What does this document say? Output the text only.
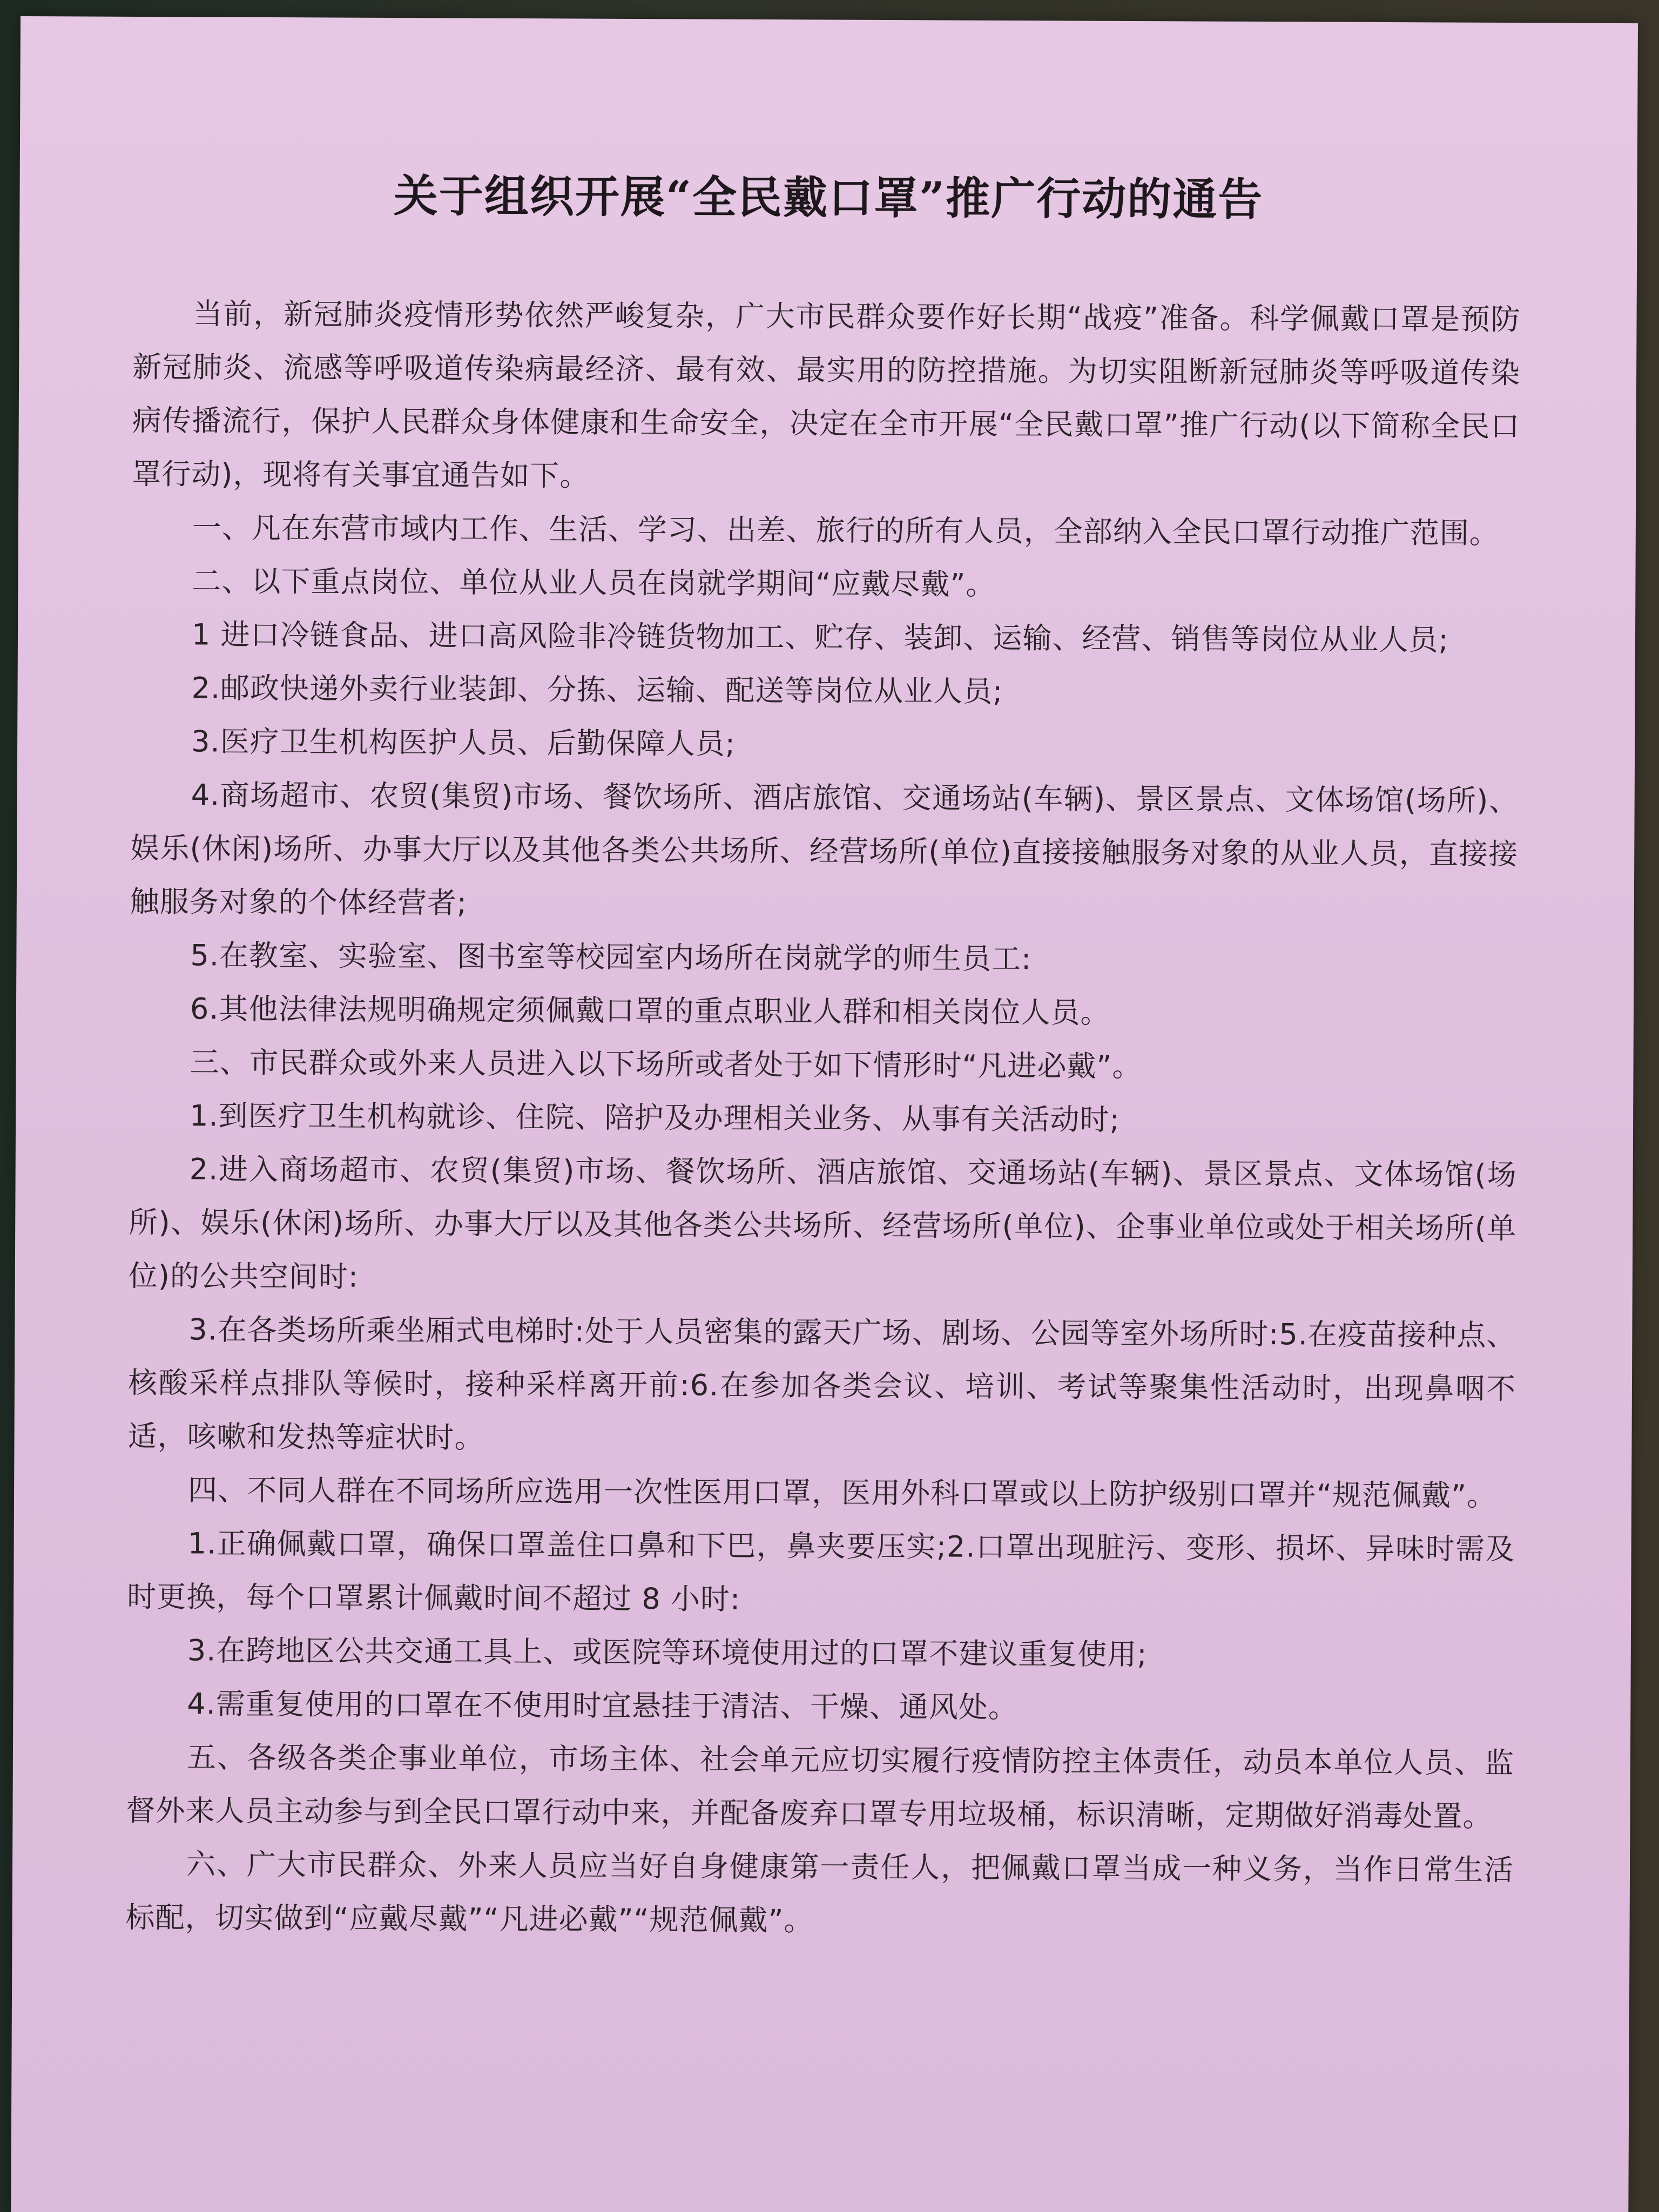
关于组织开展“全民戴口罩”推广行动的通告

当前，新冠肺炎疫情形势依然严峻复杂，广大市民群众要作好长期“战疫”准备。科学佩戴口罩是预防新冠肺炎、流感等呼吸道传染病最经济、最有效、最实用的防控措施。为切实阻断新冠肺炎等呼吸道传染病传播流行，保护人民群众身体健康和生命安全，决定在全市开展“全民戴口罩”推广行动(以下简称全民口罩行动)，现将有关事宜通告如下。

一、凡在东营市域内工作、生活、学习、出差、旅行的所有人员，全部纳入全民口罩行动推广范围。

二、以下重点岗位、单位从业人员在岗就学期间“应戴尽戴”。

1 进口冷链食品、进口高风险非冷链货物加工、贮存、装卸、运输、经营、销售等岗位从业人员;

2.邮政快递外卖行业装卸、分拣、运输、配送等岗位从业人员;

3.医疗卫生机构医护人员、后勤保障人员;

4.商场超市、农贸(集贸)市场、餐饮场所、酒店旅馆、交通场站(车辆)、景区景点、文体场馆(场所)、娱乐(休闲)场所、办事大厅以及其他各类公共场所、经营场所(单位)直接接触服务对象的从业人员，直接接触服务对象的个体经营者;

5.在教室、实验室、图书室等校园室内场所在岗就学的师生员工:

6.其他法律法规明确规定须佩戴口罩的重点职业人群和相关岗位人员。

三、市民群众或外来人员进入以下场所或者处于如下情形时“凡进必戴”。

1.到医疗卫生机构就诊、住院、陪护及办理相关业务、从事有关活动时;

2.进入商场超市、农贸(集贸)市场、餐饮场所、酒店旅馆、交通场站(车辆)、景区景点、文体场馆(场所)、娱乐(休闲)场所、办事大厅以及其他各类公共场所、经营场所(单位)、企事业单位或处于相关场所(单位)的公共空间时:

3.在各类场所乘坐厢式电梯时:处于人员密集的露天广场、剧场、公园等室外场所时:5.在疫苗接种点、核酸采样点排队等候时，接种采样离开前:6.在参加各类会议、培训、考试等聚集性活动时，出现鼻咽不适，咳嗽和发热等症状时。

四、不同人群在不同场所应选用一次性医用口罩，医用外科口罩或以上防护级别口罩并“规范佩戴”。

1.正确佩戴口罩，确保口罩盖住口鼻和下巴，鼻夹要压实;2.口罩出现脏污、变形、损坏、异味时需及时更换，每个口罩累计佩戴时间不超过 8 小时:

3.在跨地区公共交通工具上、或医院等环境使用过的口罩不建议重复使用;

4.需重复使用的口罩在不使用时宜悬挂于清洁、干燥、通风处。

五、各级各类企事业单位，市场主体、社会单元应切实履行疫情防控主体责任，动员本单位人员、监督外来人员主动参与到全民口罩行动中来，并配备废弃口罩专用垃圾桶，标识清晰，定期做好消毒处置。

六、广大市民群众、外来人员应当好自身健康第一责任人，把佩戴口罩当成一种义务，当作日常生活标配，切实做到“应戴尽戴”“凡进必戴”“规范佩戴”。
